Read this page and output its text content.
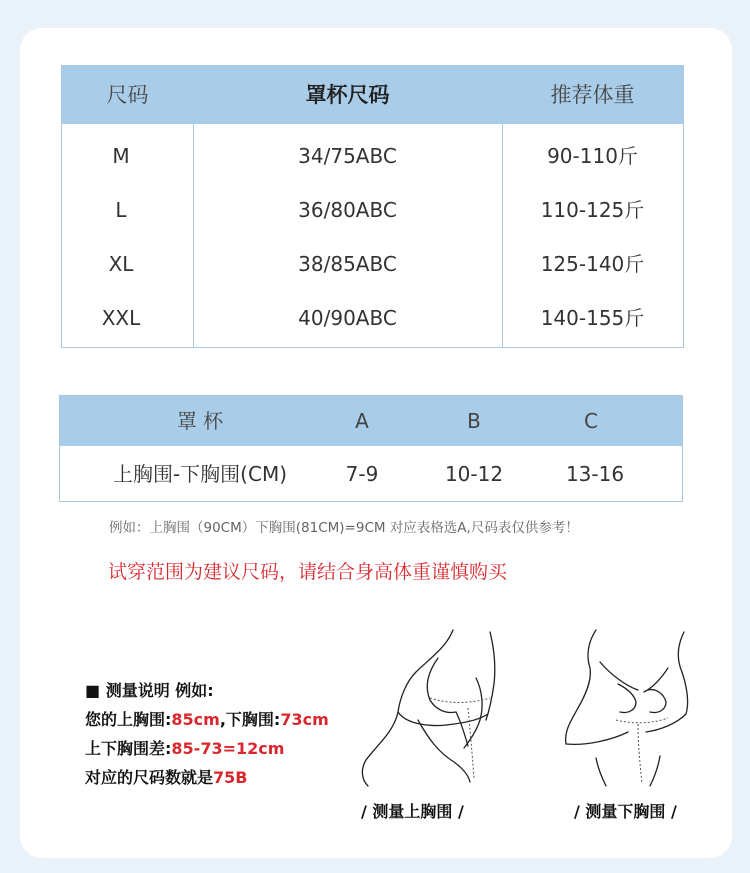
尺码	罩杯尺码	推荐体重
M	34/75ABC	90-110斤
L	36/80ABC	110-125斤
XL	38/85ABC	125-140斤
XXL	40/90ABC	140-155斤
罩 杯	A	B	C
上胸围-下胸围(CM)	7-9	10-12	13-16
例如：上胸围（90CM）下胸围(81CM)=9CM 对应表格选A,尺码表仅供参考！
试穿范围为建议尺码，请结合身高体重谨慎购买
■ 测量说明 例如:
您的上胸围:85cm,下胸围:73cm
上下胸围差:85-73=12cm
对应的尺码数就是75B
/ 测量上胸围 /	/ 测量下胸围 /
